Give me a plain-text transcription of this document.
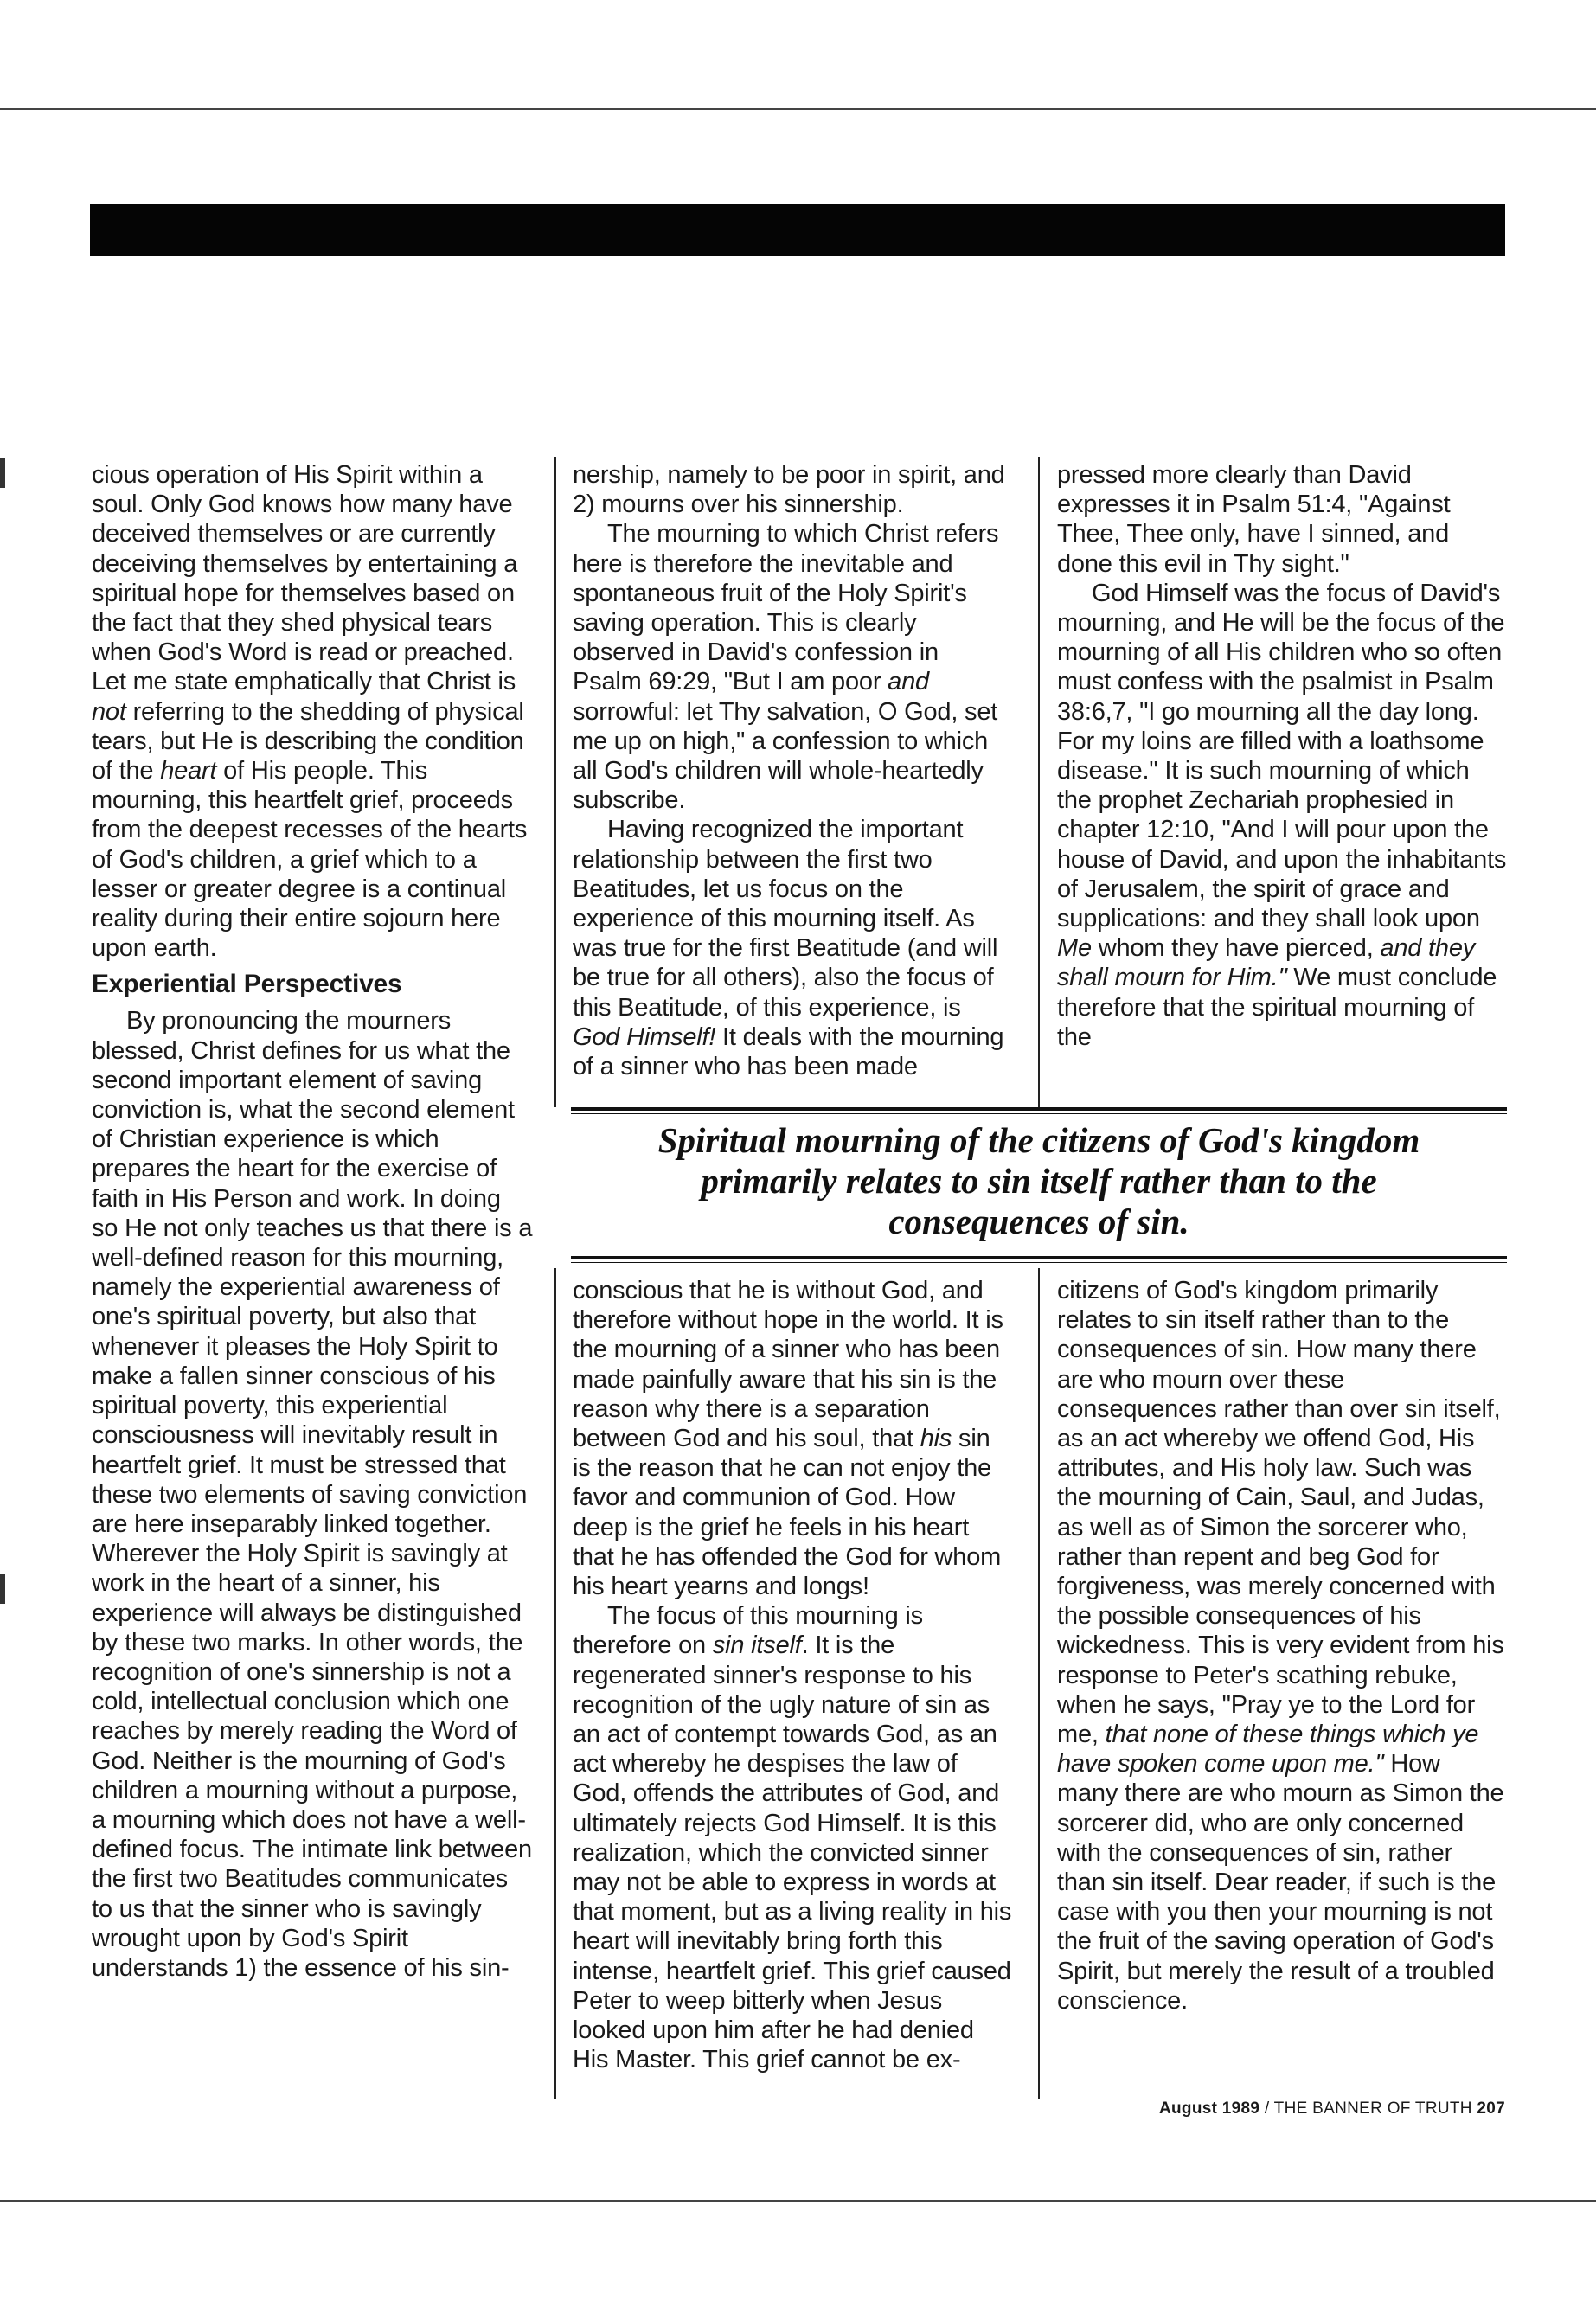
cious operation of His Spirit within a soul. Only God knows how many have deceived themselves or are currently deceiving themselves by entertaining a spiritual hope for themselves based on the fact that they shed physical tears when God's Word is read or preached. Let me state emphatically that Christ is not referring to the shedding of physical tears, but He is describing the condition of the heart of His people. This mourning, this heartfelt grief, proceeds from the deepest recesses of the hearts of God's children, a grief which to a lesser or greater degree is a continual reality during their entire sojourn here upon earth.

Experiential Perspectives

By pronouncing the mourners blessed, Christ defines for us what the second important element of saving conviction is, what the second element of Christian experience is which prepares the heart for the exercise of faith in His Person and work. In doing so He not only teaches us that there is a well-defined reason for this mourning, namely the experiential awareness of one's spiritual poverty, but also that whenever it pleases the Holy Spirit to make a fallen sinner conscious of his spiritual poverty, this experiential consciousness will inevitably result in heartfelt grief. It must be stressed that these two elements of saving conviction are here inseparably linked together. Wherever the Holy Spirit is savingly at work in the heart of a sinner, his experience will always be distinguished by these two marks. In other words, the recognition of one's sinnership is not a cold, intellectual conclusion which one reaches by merely reading the Word of God. Neither is the mourning of God's children a mourning without a purpose, a mourning which does not have a well-defined focus. The intimate link between the first two Beatitudes communicates to us that the sinner who is savingly wrought upon by God's Spirit understands 1) the essence of his sin-

nership, namely to be poor in spirit, and 2) mourns over his sinnership.

The mourning to which Christ refers here is therefore the inevitable and spontaneous fruit of the Holy Spirit's saving operation. This is clearly observed in David's confession in Psalm 69:29, "But I am poor and sorrowful: let Thy salvation, O God, set me up on high," a confession to which all God's children will whole-heartedly subscribe.

Having recognized the important relationship between the first two Beatitudes, let us focus on the experience of this mourning itself. As was true for the first Beatitude (and will be true for all others), also the focus of this Beatitude, of this experience, is God Himself! It deals with the mourning of a sinner who has been made

pressed more clearly than David expresses it in Psalm 51:4, "Against Thee, Thee only, have I sinned, and done this evil in Thy sight."

God Himself was the focus of David's mourning, and He will be the focus of the mourning of all His children who so often must confess with the psalmist in Psalm 38:6,7, "I go mourning all the day long. For my loins are filled with a loathsome disease." It is such mourning of which the prophet Zechariah prophesied in chapter 12:10, "And I will pour upon the house of David, and upon the inhabitants of Jerusalem, the spirit of grace and supplications: and they shall look upon Me whom they have pierced, and they shall mourn for Him." We must conclude therefore that the spiritual mourning of the

Spiritual mourning of the citizens of God's kingdom
primarily relates to sin itself rather than to the
consequences of sin.

conscious that he is without God, and therefore without hope in the world. It is the mourning of a sinner who has been made painfully aware that his sin is the reason why there is a separation between God and his soul, that his sin is the reason that he can not enjoy the favor and communion of God. How deep is the grief he feels in his heart that he has offended the God for whom his heart yearns and longs!

The focus of this mourning is therefore on sin itself. It is the regenerated sinner's response to his recognition of the ugly nature of sin as an act of contempt towards God, as an act whereby he despises the law of God, offends the attributes of God, and ultimately rejects God Himself. It is this realization, which the convicted sinner may not be able to express in words at that moment, but as a living reality in his heart will inevitably bring forth this intense, heartfelt grief. This grief caused Peter to weep bitterly when Jesus looked upon him after he had denied His Master. This grief cannot be ex-

citizens of God's kingdom primarily relates to sin itself rather than to the consequences of sin. How many there are who mourn over these consequences rather than over sin itself, as an act whereby we offend God, His attributes, and His holy law. Such was the mourning of Cain, Saul, and Judas, as well as of Simon the sorcerer who, rather than repent and beg God for forgiveness, was merely concerned with the possible consequences of his wickedness. This is very evident from his response to Peter's scathing rebuke, when he says, "Pray ye to the Lord for me, that none of these things which ye have spoken come upon me." How many there are who mourn as Simon the sorcerer did, who are only concerned with the consequences of sin, rather than sin itself. Dear reader, if such is the case with you then your mourning is not the fruit of the saving operation of God's Spirit, but merely the result of a troubled conscience.

August 1989 / THE BANNER OF TRUTH 207
